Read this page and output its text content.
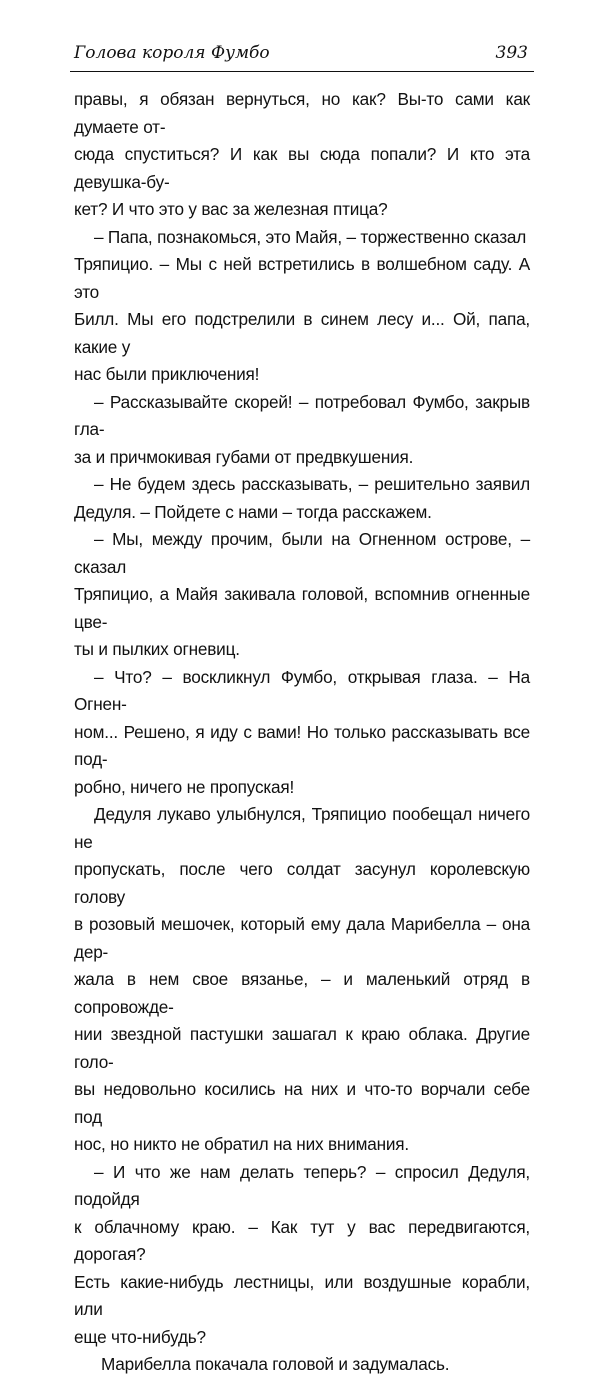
Голова короля Фумбо	393

правы, я обязан вернуться, но как? Вы-то сами как думаете от-
сюда спуститься? И как вы сюда попали? И кто эта девушка-бу-
кет? И что это у вас за железная птица?

– Папа, познакомься, это Майя, – торжественно сказал
Тряпицио. – Мы с ней встретились в волшебном саду. А это
Билл. Мы его подстрелили в синем лесу и... Ой, папа, какие у
нас были приключения!

– Рассказывайте скорей! – потребовал Фумбо, закрыв гла-
за и причмокивая губами от предвкушения.

– Не будем здесь рассказывать, – решительно заявил Дедуля. – Пойдете с нами – тогда расскажем.

– Мы, между прочим, были на Огненном острове, – сказал
Тряпицио, а Майя закивала головой, вспомнив огненные цве-
ты и пылких огневиц.

– Что? – воскликнул Фумбо, открывая глаза. – На Огнен-
ном... Решено, я иду с вами! Но только рассказывать все под-
робно, ничего не пропуская!

Дедуля лукаво улыбнулся, Тряпицио пообещал ничего не
пропускать, после чего солдат засунул королевскую голову
в розовый мешочек, который ему дала Марибелла – она дер-
жала в нем свое вязанье, – и маленький отряд в сопровожде-
нии звездной пастушки зашагал к краю облака. Другие голо-
вы недовольно косились на них и что-то ворчали себе под
нос, но никто не обратил на них внимания.

– И что же нам делать теперь? – спросил Дедуля, подойдя
к облачному краю. – Как тут у вас передвигаются, дорогая?
Есть какие-нибудь лестницы, или воздушные корабли, или
еще что-нибудь?

Марибелла покачала головой и задумалась.
